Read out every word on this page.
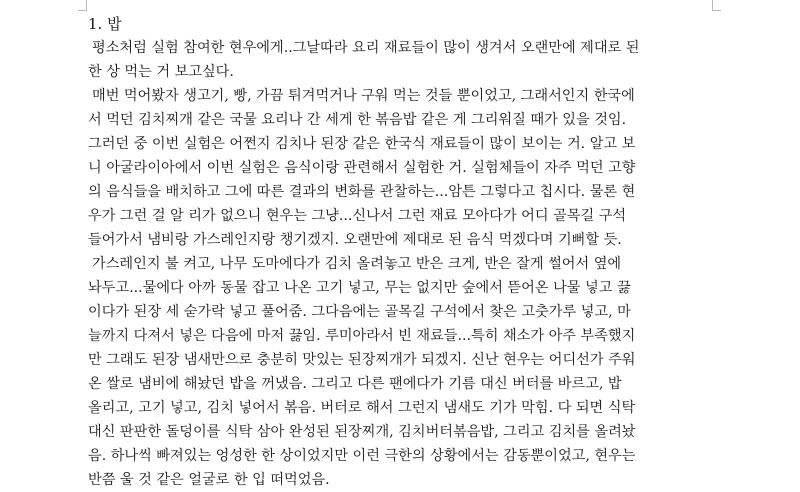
1. 밥
평소처럼 실험 참여한 현우에게..그날따라 요리 재료들이 많이 생겨서 오랜만에 제대로 된
한 상 먹는 거 보고싶다.
매번 먹어봤자 생고기, 빵, 가끔 튀겨먹거나 구워 먹는 것들 뿐이었고, 그래서인지 한국에
서 먹던 김치찌개 같은 국물 요리나 간 세게 한 볶음밥 같은 게 그리워질 때가 있을 것임.
그러던 중 이번 실험은 어쩐지 김치나 된장 같은 한국식 재료들이 많이 보이는 거. 알고 보
니 아굴라이아에서 이번 실험은 음식이랑 관련해서 실험한 거. 실험체들이 자주 먹던 고향
의 음식들을 배치하고 그에 따른 결과의 변화를 관찰하는...암튼 그렇다고 칩시다. 물론 현
우가 그런 걸 알 리가 없으니 현우는 그냥...신나서 그런 재료 모아다가 어디 골목길 구석
들어가서 냄비랑 가스레인지랑 챙기겠지. 오랜만에 제대로 된 음식 먹겠다며 기뻐할 듯.
가스레인지 불 켜고, 나무 도마에다가 김치 올려놓고 반은 크게, 반은 잘게 썰어서 옆에
놔두고...물에다 아까 동물 잡고 나온 고기 넣고, 무는 없지만 숲에서 뜯어온 나물 넣고 끓
이다가 된장 세 숟가락 넣고 풀어줌. 그다음에는 골목길 구석에서 찾은 고춧가루 넣고, 마
늘까지 다져서 넣은 다음에 마저 끓임. 루미아라서 빈 재료들...특히 채소가 아주 부족했지
만 그래도 된장 냄새만으로 충분히 맛있는 된장찌개가 되겠지. 신난 현우는 어디선가 주워
온 쌀로 냄비에 해놨던 밥을 꺼냈음. 그리고 다른 팬에다가 기름 대신 버터를 바르고, 밥
올리고, 고기 넣고, 김치 넣어서 볶음. 버터로 해서 그런지 냄새도 기가 막힘. 다 되면 식탁
대신 판판한 돌덩이를 식탁 삼아 완성된 된장찌개, 김치버터볶음밥, 그리고 김치를 올려놨
음. 하나씩 빠져있는 엉성한 한 상이었지만 이런 극한의 상황에서는 감동뿐이었고, 현우는
반쯤 울 것 같은 얼굴로 한 입 떠먹었음.
